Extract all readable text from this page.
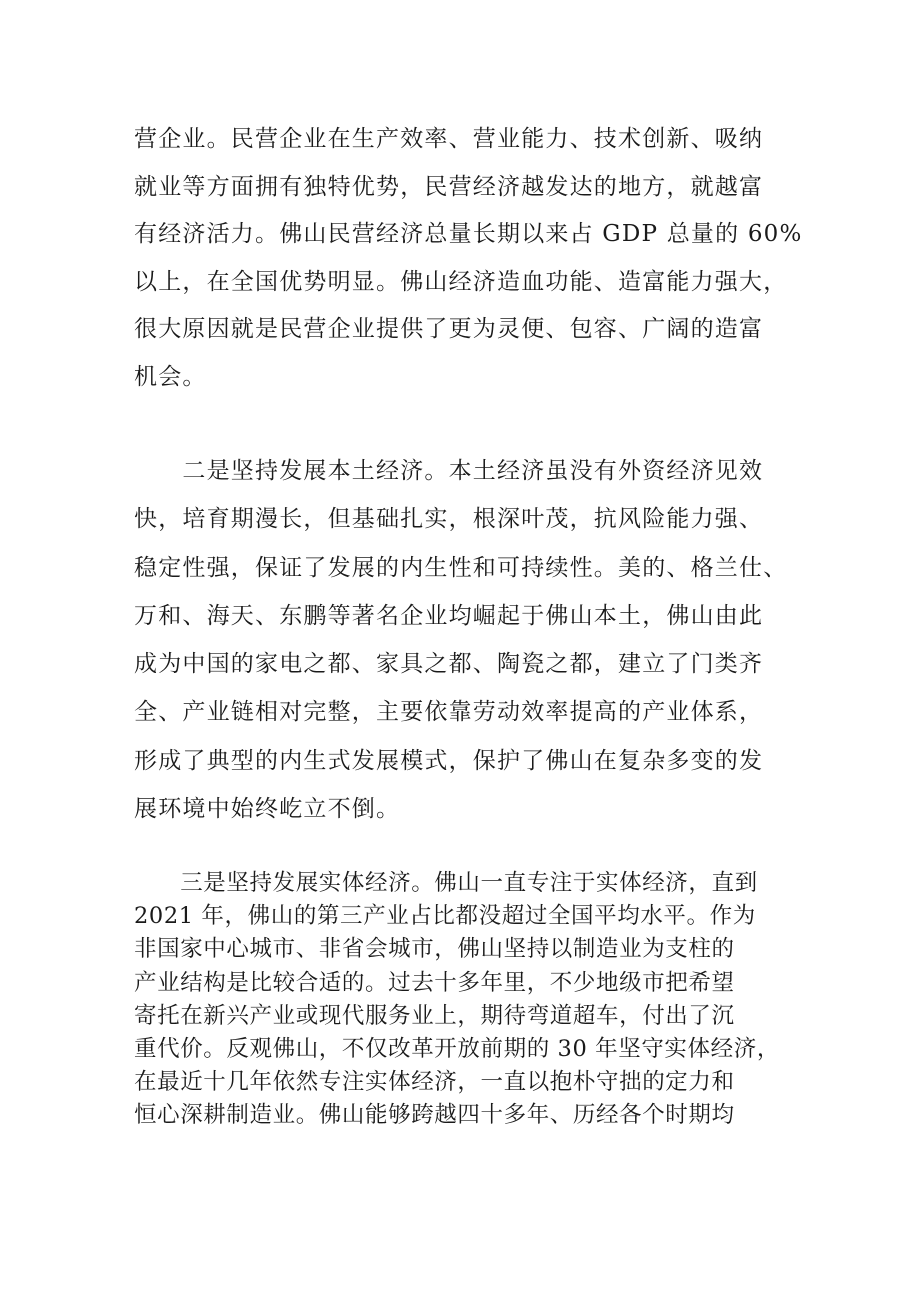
营企业。民营企业在生产效率、营业能力、技术创新、吸纳
就业等方面拥有独特优势，民营经济越发达的地方，就越富
有经济活力。佛山民营经济总量长期以来占 GDP 总量的 60%
以上，在全国优势明显。佛山经济造血功能、造富能力强大，
很大原因就是民营企业提供了更为灵便、包容、广阔的造富
机会。

　　二是坚持发展本土经济。本土经济虽没有外资经济见效
快，培育期漫长，但基础扎实，根深叶茂，抗风险能力强、
稳定性强，保证了发展的内生性和可持续性。美的、格兰仕、
万和、海天、东鹏等著名企业均崛起于佛山本土，佛山由此
成为中国的家电之都、家具之都、陶瓷之都，建立了门类齐
全、产业链相对完整，主要依靠劳动效率提高的产业体系，
形成了典型的内生式发展模式，保护了佛山在复杂多变的发
展环境中始终屹立不倒。

　　三是坚持发展实体经济。佛山一直专注于实体经济，直到
2021 年，佛山的第三产业占比都没超过全国平均水平。作为
非国家中心城市、非省会城市，佛山坚持以制造业为支柱的
产业结构是比较合适的。过去十多年里，不少地级市把希望
寄托在新兴产业或现代服务业上，期待弯道超车，付出了沉
重代价。反观佛山，不仅改革开放前期的 30 年坚守实体经济，
在最近十几年依然专注实体经济，一直以抱朴守拙的定力和
恒心深耕制造业。佛山能够跨越四十多年、历经各个时期均
